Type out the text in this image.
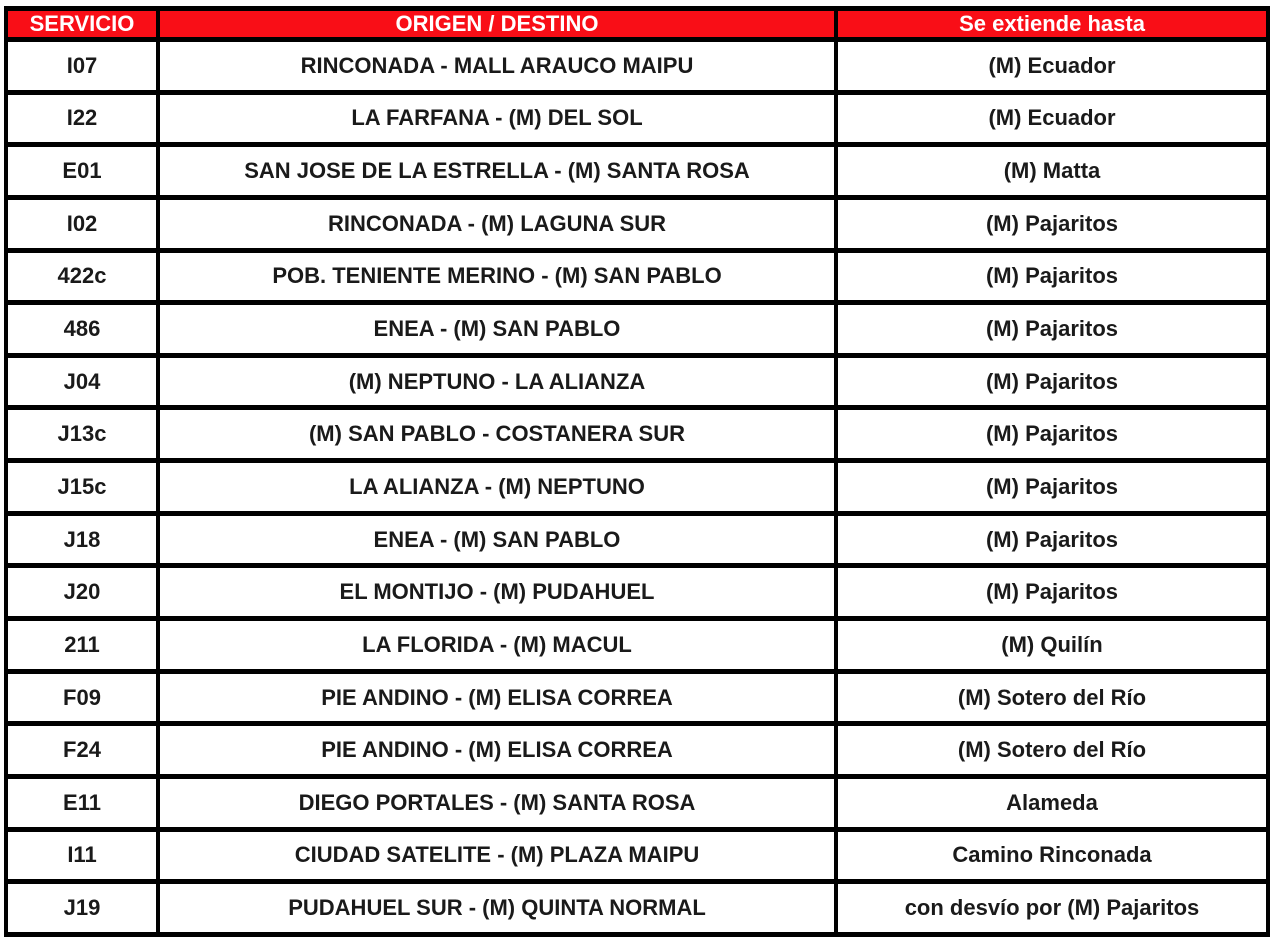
SERVICIO	ORIGEN / DESTINO	Se extiende hasta
I07	RINCONADA - MALL ARAUCO MAIPU	(M) Ecuador
I22	LA FARFANA - (M) DEL SOL	(M) Ecuador
E01	SAN JOSE DE LA ESTRELLA - (M) SANTA ROSA	(M) Matta
I02	RINCONADA - (M) LAGUNA SUR	(M) Pajaritos
422c	POB. TENIENTE MERINO - (M) SAN PABLO	(M) Pajaritos
486	ENEA - (M) SAN PABLO	(M) Pajaritos
J04	(M) NEPTUNO - LA ALIANZA	(M) Pajaritos
J13c	(M) SAN PABLO - COSTANERA SUR	(M) Pajaritos
J15c	LA ALIANZA - (M) NEPTUNO	(M) Pajaritos
J18	ENEA - (M) SAN PABLO	(M) Pajaritos
J20	EL MONTIJO - (M) PUDAHUEL	(M) Pajaritos
211	LA FLORIDA - (M) MACUL	(M) Quilín
F09	PIE ANDINO - (M) ELISA CORREA	(M) Sotero del Río
F24	PIE ANDINO - (M) ELISA CORREA	(M) Sotero del Río
E11	DIEGO PORTALES - (M) SANTA ROSA	Alameda
I11	CIUDAD SATELITE - (M) PLAZA MAIPU	Camino Rinconada
J19	PUDAHUEL SUR - (M) QUINTA NORMAL	con desvío por (M) Pajaritos
